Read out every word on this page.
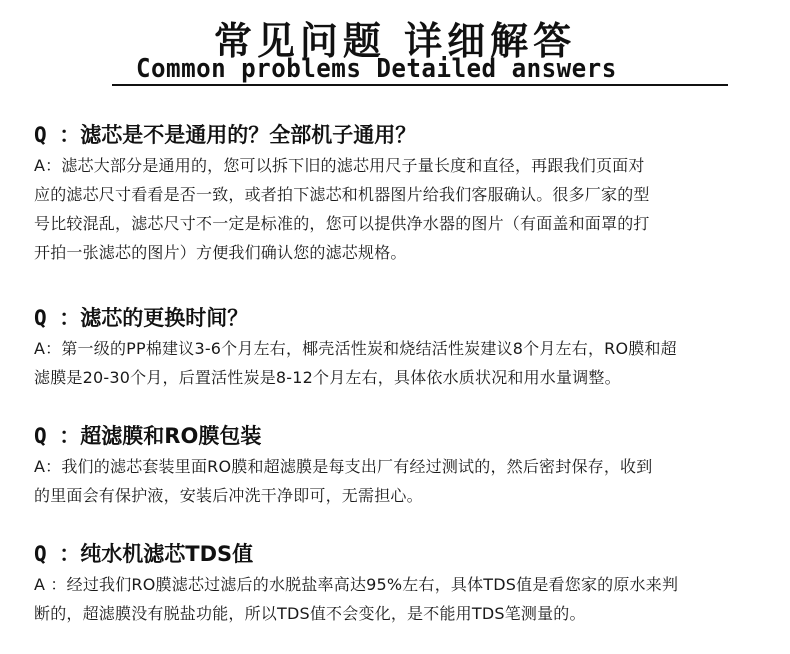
常见问题 详细解答
Common problems Detailed answers
Q ：滤芯是不是通用的？全部机子通用？
A：滤芯大部分是通用的，您可以拆下旧的滤芯用尺子量长度和直径，再跟我们页面对
应的滤芯尺寸看看是否一致，或者拍下滤芯和机器图片给我们客服确认。很多厂家的型
号比较混乱，滤芯尺寸不一定是标准的，您可以提供净水器的图片（有面盖和面罩的打
开拍一张滤芯的图片）方便我们确认您的滤芯规格。
Q ：滤芯的更换时间？
A：第一级的PP棉建议3-6个月左右，椰壳活性炭和烧结活性炭建议8个月左右，RO膜和超
滤膜是20-30个月，后置活性炭是8-12个月左右，具体依水质状况和用水量调整。
Q ：超滤膜和RO膜包装
A：我们的滤芯套装里面RO膜和超滤膜是每支出厂有经过测试的，然后密封保存，收到
的里面会有保护液，安装后冲洗干净即可，无需担心。
Q ：纯水机滤芯TDS值
A ：经过我们RO膜滤芯过滤后的水脱盐率高达95%左右，具体TDS值是看您家的原水来判
断的，超滤膜没有脱盐功能，所以TDS值不会变化，是不能用TDS笔测量的。
